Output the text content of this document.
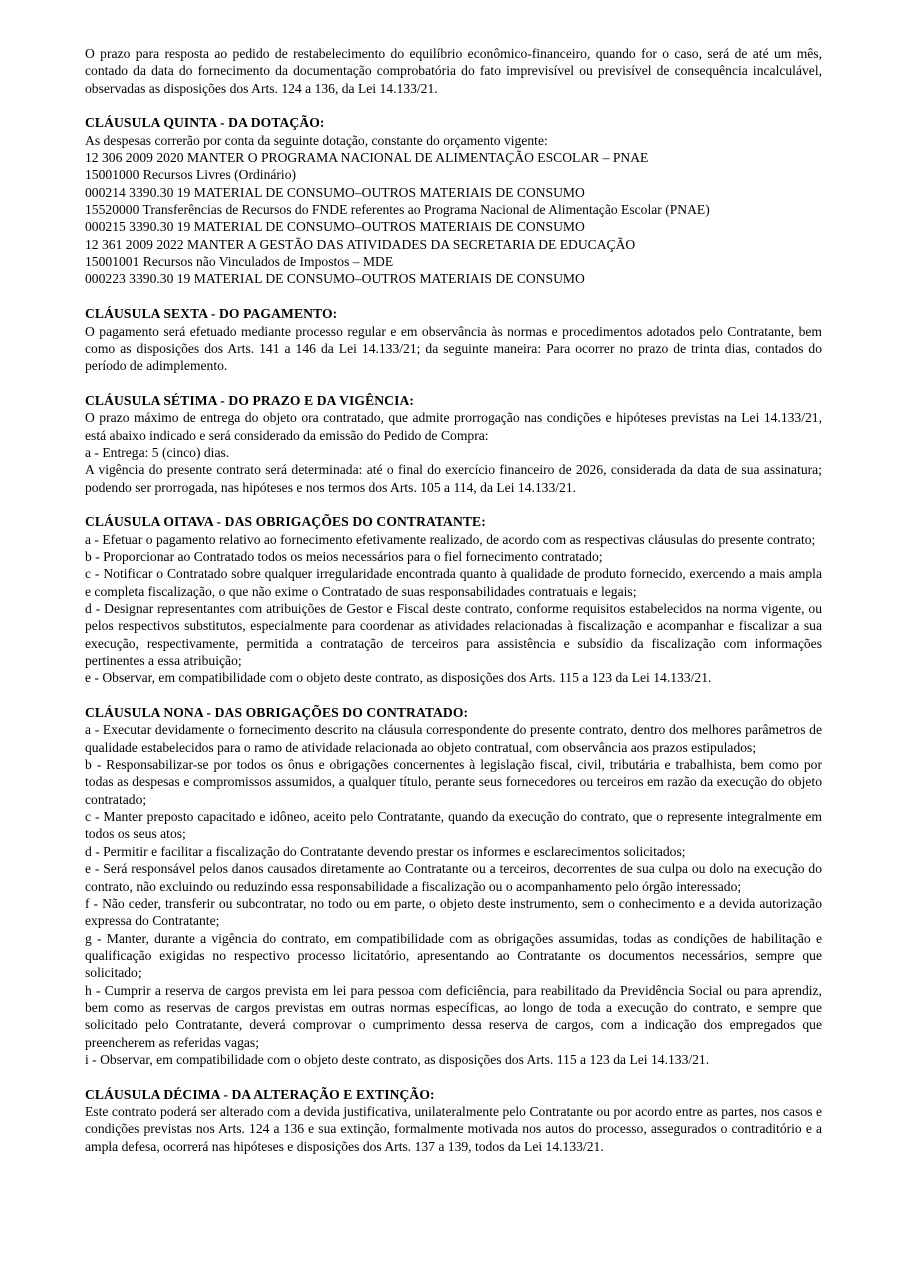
O prazo para resposta ao pedido de restabelecimento do equilíbrio econômico-financeiro, quando for o caso, será de até um mês, contado da data do fornecimento da documentação comprobatória do fato imprevisível ou previsível de consequência incalculável, observadas as disposições dos Arts. 124 a 136, da Lei 14.133/21.

CLÁUSULA QUINTA - DA DOTAÇÃO:

As despesas correrão por conta da seguinte dotação, constante do orçamento vigente:

12 306 2009 2020 MANTER O PROGRAMA NACIONAL DE ALIMENTAÇÃO ESCOLAR – PNAE

15001000 Recursos Livres (Ordinário)

000214 3390.30 19 MATERIAL DE CONSUMO–OUTROS MATERIAIS DE CONSUMO

15520000 Transferências de Recursos do FNDE referentes ao Programa Nacional de Alimentação Escolar (PNAE)

000215 3390.30 19 MATERIAL DE CONSUMO–OUTROS MATERIAIS DE CONSUMO

12 361 2009 2022 MANTER A GESTÃO DAS ATIVIDADES DA SECRETARIA DE EDUCAÇÃO

15001001 Recursos não Vinculados de Impostos – MDE

000223 3390.30 19 MATERIAL DE CONSUMO–OUTROS MATERIAIS DE CONSUMO

CLÁUSULA SEXTA - DO PAGAMENTO:

O pagamento será efetuado mediante processo regular e em observância às normas e procedimentos adotados pelo Contratante, bem como as disposições dos Arts. 141 a 146 da Lei 14.133/21; da seguinte maneira: Para ocorrer no prazo de trinta dias, contados do período de adimplemento.

CLÁUSULA SÉTIMA - DO PRAZO E DA VIGÊNCIA:

O prazo máximo de entrega do objeto ora contratado, que admite prorrogação nas condições e hipóteses previstas na Lei 14.133/21, está abaixo indicado e será considerado da emissão do Pedido de Compra:

a - Entrega: 5 (cinco) dias.

A vigência do presente contrato será determinada: até o final do exercício financeiro de 2026, considerada da data de sua assinatura; podendo ser prorrogada, nas hipóteses e nos termos dos Arts. 105 a 114, da Lei 14.133/21.

CLÁUSULA OITAVA - DAS OBRIGAÇÕES DO CONTRATANTE:

a - Efetuar o pagamento relativo ao fornecimento efetivamente realizado, de acordo com as respectivas cláusulas do presente contrato;

b - Proporcionar ao Contratado todos os meios necessários para o fiel fornecimento contratado;

c - Notificar o Contratado sobre qualquer irregularidade encontrada quanto à qualidade de produto fornecido, exercendo a mais ampla e completa fiscalização, o que não exime o Contratado de suas responsabilidades contratuais e legais;

d - Designar representantes com atribuições de Gestor e Fiscal deste contrato, conforme requisitos estabelecidos na norma vigente, ou pelos respectivos substitutos, especialmente para coordenar as atividades relacionadas à fiscalização e acompanhar e fiscalizar a sua execução, respectivamente, permitida a contratação de terceiros para assistência e subsídio da fiscalização com informações pertinentes a essa atribuição;

e - Observar, em compatibilidade com o objeto deste contrato, as disposições dos Arts. 115 a 123 da Lei 14.133/21.

CLÁUSULA NONA - DAS OBRIGAÇÕES DO CONTRATADO:

a - Executar devidamente o fornecimento descrito na cláusula correspondente do presente contrato, dentro dos melhores parâmetros de qualidade estabelecidos para o ramo de atividade relacionada ao objeto contratual, com observância aos prazos estipulados;

b - Responsabilizar-se por todos os ônus e obrigações concernentes à legislação fiscal, civil, tributária e trabalhista, bem como por todas as despesas e compromissos assumidos, a qualquer título, perante seus fornecedores ou terceiros em razão da execução do objeto contratado;

c - Manter preposto capacitado e idôneo, aceito pelo Contratante, quando da execução do contrato, que o represente integralmente em todos os seus atos;

d - Permitir e facilitar a fiscalização do Contratante devendo prestar os informes e esclarecimentos solicitados;

e - Será responsável pelos danos causados diretamente ao Contratante ou a terceiros, decorrentes de sua culpa ou dolo na execução do contrato, não excluindo ou reduzindo essa responsabilidade a fiscalização ou o acompanhamento pelo órgão interessado;

f - Não ceder, transferir ou subcontratar, no todo ou em parte, o objeto deste instrumento, sem o conhecimento e a devida autorização expressa do Contratante;

g - Manter, durante a vigência do contrato, em compatibilidade com as obrigações assumidas, todas as condições de habilitação e qualificação exigidas no respectivo processo licitatório, apresentando ao Contratante os documentos necessários, sempre que solicitado;

h - Cumprir a reserva de cargos prevista em lei para pessoa com deficiência, para reabilitado da Previdência Social ou para aprendiz, bem como as reservas de cargos previstas em outras normas específicas, ao longo de toda a execução do contrato, e sempre que solicitado pelo Contratante, deverá comprovar o cumprimento dessa reserva de cargos, com a indicação dos empregados que preencherem as referidas vagas;

i - Observar, em compatibilidade com o objeto deste contrato, as disposições dos Arts. 115 a 123 da Lei 14.133/21.

CLÁUSULA DÉCIMA - DA ALTERAÇÃO E EXTINÇÃO:

Este contrato poderá ser alterado com a devida justificativa, unilateralmente pelo Contratante ou por acordo entre as partes, nos casos e condições previstas nos Arts. 124 a 136 e sua extinção, formalmente motivada nos autos do processo, assegurados o contraditório e a ampla defesa, ocorrerá nas hipóteses e disposições dos Arts. 137 a 139, todos da Lei 14.133/21.
